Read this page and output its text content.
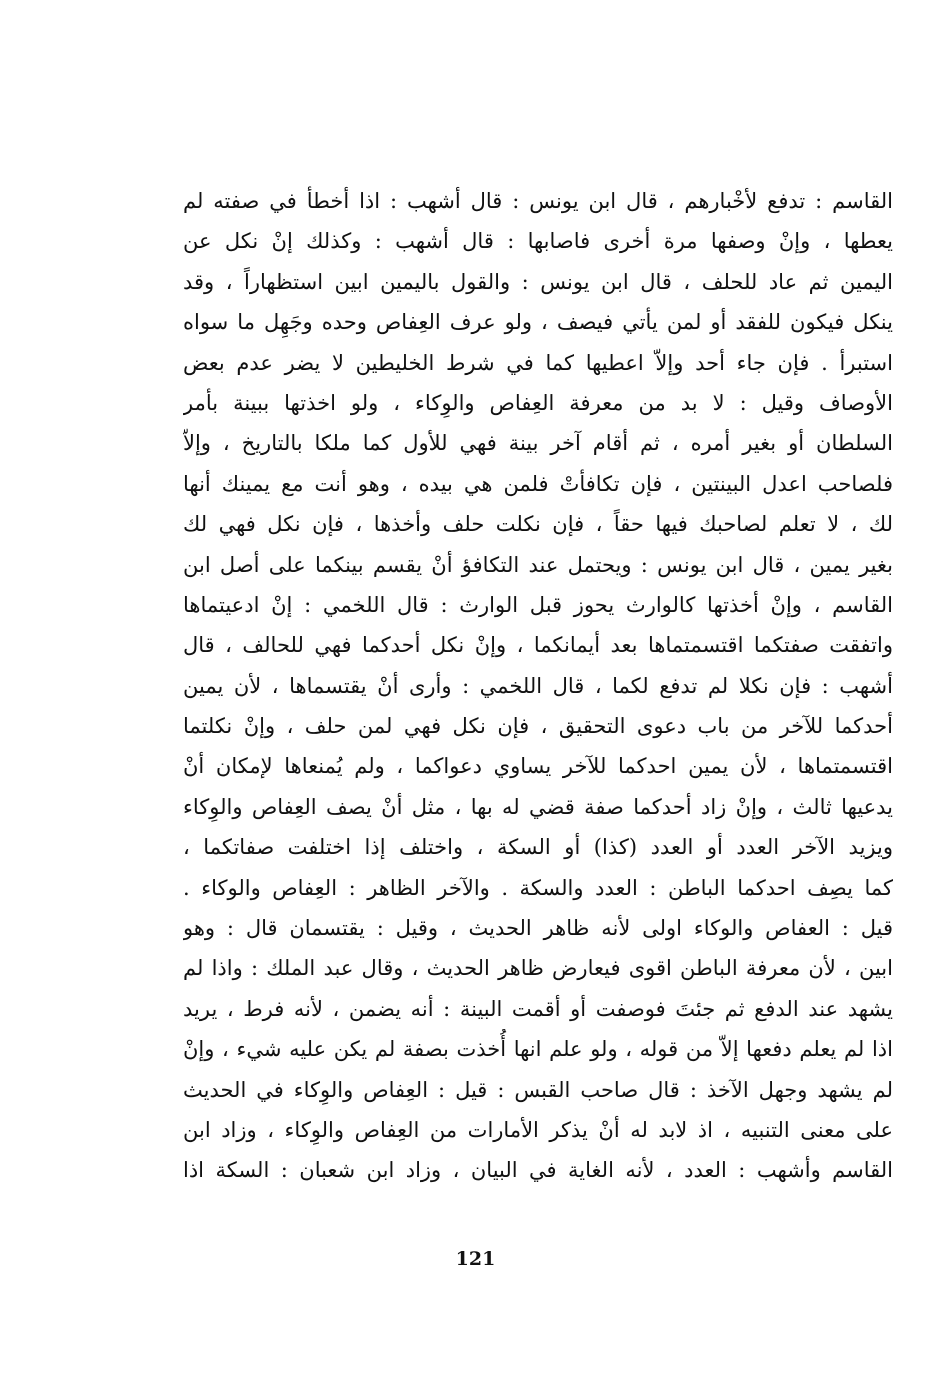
القاسم : تدفع لأخْبارهم ، قال ابن يونس : قال أشهب : اذا أخطأ في صفته لم
يعطها ، وإنْ وصفها مرة أخرى فاصابها : قال أشهب : وكذلك إنْ نكل عن
اليمين ثم عاد للحلف ، قال ابن يونس : والقول باليمين ابين استظهاراً ، وقد
ينكل فيكون للفقد أو لمن يأتي فيصف ، ولو عرف العِفاص وحده وجَهِل ما سواه
استبرأ . فإن جاء أحد وإلاّ اعطيها كما في شرط الخليطين لا يضر عدم بعض
الأوصاف وقيل : لا بد من معرفة العِفاص والوِكاء ، ولو اخذتها ببينة بأمر
السلطان أو بغير أمره ، ثم أقام آخر بينة فهي للأول كما ملكا بالتاريخ ، وإلاّ
فلصاحب اعدل البينتين ، فإن تكافأتْ فلمن هي بيده ، وهو أنت مع يمينك أنها
لك ، لا تعلم لصاحبك فيها حقاً ، فإن نكلت حلف وأخذها ، فإن نكل فهي لك
بغير يمين ، قال ابن يونس : ويحتمل عند التكافؤ أنْ يقسم بينكما على أصل ابن
القاسم ، وإنْ أخذتها كالوارث يحوز قبل الوارث : قال اللخمي : إنْ ادعيتماها
واتفقت صفتكما اقتسمتماها بعد أيمانكما ، وإنْ نكل أحدكما فهي للحالف ، قال
أشهب : فإن نكلا لم تدفع لكما ، قال اللخمي : وأرى أنْ يقتسماها ، لأن يمين
أحدكما للآخر من باب دعوى التحقيق ، فإن نكل فهي لمن حلف ، وإنْ نكلتما
اقتسمتماها ، لأن يمين احدكما للآخر يساوي دعواكما ، ولم يُمنعاها لإمكان أنْ
يدعيها ثالث ، وإنْ زاد أحدكما صفة قضي له بها ، مثل أنْ يصف العِفاص والوِكاء
ويزيد الآخر العدد أو العدد (كذا) أو السكة ، واختلف إذا اختلفت صفاتكما ،
كما يصِف احدكما الباطن : العدد والسكة . والآخر الظاهر : العِفاص والوكاء .
قيل : العفاص والوكاء اولى لأنه ظاهر الحديث ، وقيل : يقتسمان قال : وهو
ابين ، لأن معرفة الباطن اقوى فيعارض ظاهر الحديث ، وقال عبد الملك : واذا لم
يشهد عند الدفع ثم جئتَ فوصفت أو أقمت البينة : أنه يضمن ، لأنه فرط ، يريد
اذا لم يعلم دفعها إلاّ من قوله ، ولو علم انها أُخذت بصفة لم يكن عليه شيء ، وإنْ
لم يشهد وجهل الآخذ : قال صاحب القبس : قيل : العِفاص والوِكاء في الحديث
على معنى التنبيه ، اذ لابد له أنْ يذكر الأمارات من العِفاص والوِكاء ، وزاد ابن
القاسم وأشهب : العدد ، لأنه الغاية في البيان ، وزاد ابن شعبان : السكة اذا
121
